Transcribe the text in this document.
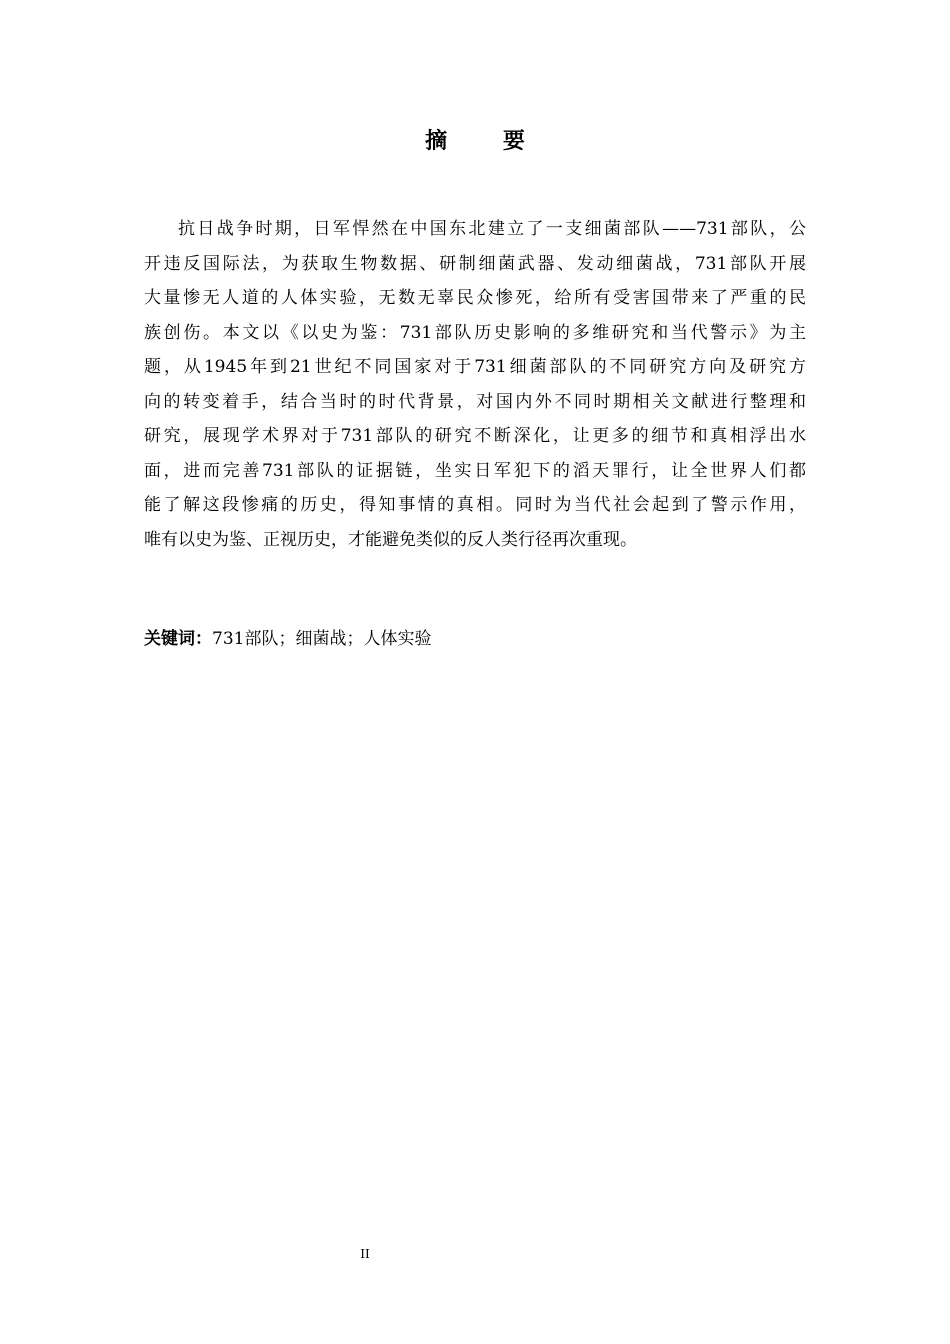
摘 要
抗日战争时期，日军悍然在中国东北建立了一支细菌部队——731部队，公
开违反国际法，为获取生物数据、研制细菌武器、发动细菌战，731部队开展
大量惨无人道的人体实验，无数无辜民众惨死，给所有受害国带来了严重的民
族创伤。本文以《以史为鉴：731部队历史影响的多维研究和当代警示》为主
题，从1945年到21世纪不同国家对于731细菌部队的不同研究方向及研究方
向的转变着手，结合当时的时代背景，对国内外不同时期相关文献进行整理和
研究，展现学术界对于731部队的研究不断深化，让更多的细节和真相浮出水
面，进而完善731部队的证据链，坐实日军犯下的滔天罪行，让全世界人们都
能了解这段惨痛的历史，得知事情的真相。同时为当代社会起到了警示作用，
唯有以史为鉴、正视历史，才能避免类似的反人类行径再次重现。
关键词：731部队；细菌战；人体实验
II
